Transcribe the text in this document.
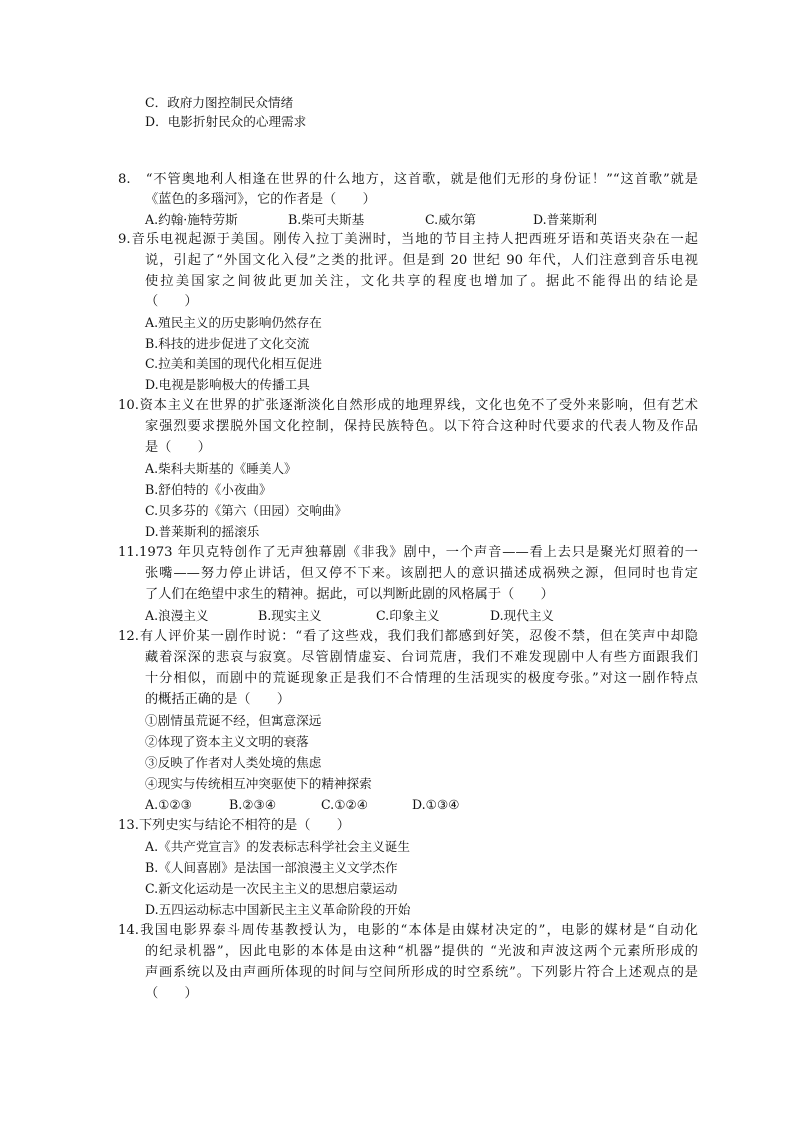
C．政府力图控制民众情绪
D．电影折射民众的心理需求
8.　“不管奥地利人相逢在世界的什么地方，这首歌，就是他们无形的身份证！”“这首歌”就是
《蓝色的多瑙河》，它的作者是（　　）
A.约翰·施特劳斯	B.柴可夫斯基	C.威尔第	D.普莱斯利
9.音乐电视起源于美国。刚传入拉丁美洲时，当地的节目主持人把西班牙语和英语夹杂在一起
说，引起了“外国文化入侵”之类的批评。但是到 20 世纪 90 年代，人们注意到音乐电视
使拉美国家之间彼此更加关注，文化共享的程度也增加了。据此不能得出的结论是
（　　）
A.殖民主义的历史影响仍然存在
B.科技的进步促进了文化交流
C.拉美和美国的现代化相互促进
D.电视是影响极大的传播工具
10.资本主义在世界的扩张逐渐淡化自然形成的地理界线，文化也免不了受外来影响，但有艺术
家强烈要求摆脱外国文化控制，保持民族特色。以下符合这种时代要求的代表人物及作品
是（　　）
A.柴科夫斯基的《睡美人》
B.舒伯特的《小夜曲》
C.贝多芬的《第六（田园）交响曲》
D.普莱斯利的摇滚乐
11.1973 年贝克特创作了无声独幕剧《非我》剧中，一个声音——看上去只是聚光灯照着的一
张嘴——努力停止讲话，但又停不下来。该剧把人的意识描述成祸殃之源，但同时也肯定
了人们在绝望中求生的精神。据此，可以判断此剧的风格属于（　　）
A.浪漫主义	B.现实主义	C.印象主义	D.现代主义
12.有人评价某一剧作时说：“看了这些戏，我们我们都感到好笑，忍俊不禁，但在笑声中却隐
藏着深深的悲哀与寂寞。尽管剧情虚妄、台词荒唐，我们不难发现剧中人有些方面跟我们
十分相似，而剧中的荒诞现象正是我们不合情理的生活现实的极度夸张。”对这一剧作特点
的概括正确的是（　　）
①剧情虽荒诞不经，但寓意深远
②体现了资本主义文明的衰落
③反映了作者对人类处境的焦虑
④现实与传统相互冲突驱使下的精神探索
A.①②③	B.②③④	C.①②④	D.①③④
13.下列史实与结论不相符的是（　　）
A.《共产党宣言》的发表标志科学社会主义诞生
B.《人间喜剧》是法国一部浪漫主义文学杰作
C.新文化运动是一次民主主义的思想启蒙运动
D.五四运动标志中国新民主主义革命阶段的开始
14.我国电影界泰斗周传基教授认为，电影的“本体是由媒材决定的”，电影的媒材是“自动化
的纪录机器”，因此电影的本体是由这种“机器”提供的 “光波和声波这两个元素所形成的
声画系统以及由声画所体现的时间与空间所形成的时空系统”。下列影片符合上述观点的是
（　　）
